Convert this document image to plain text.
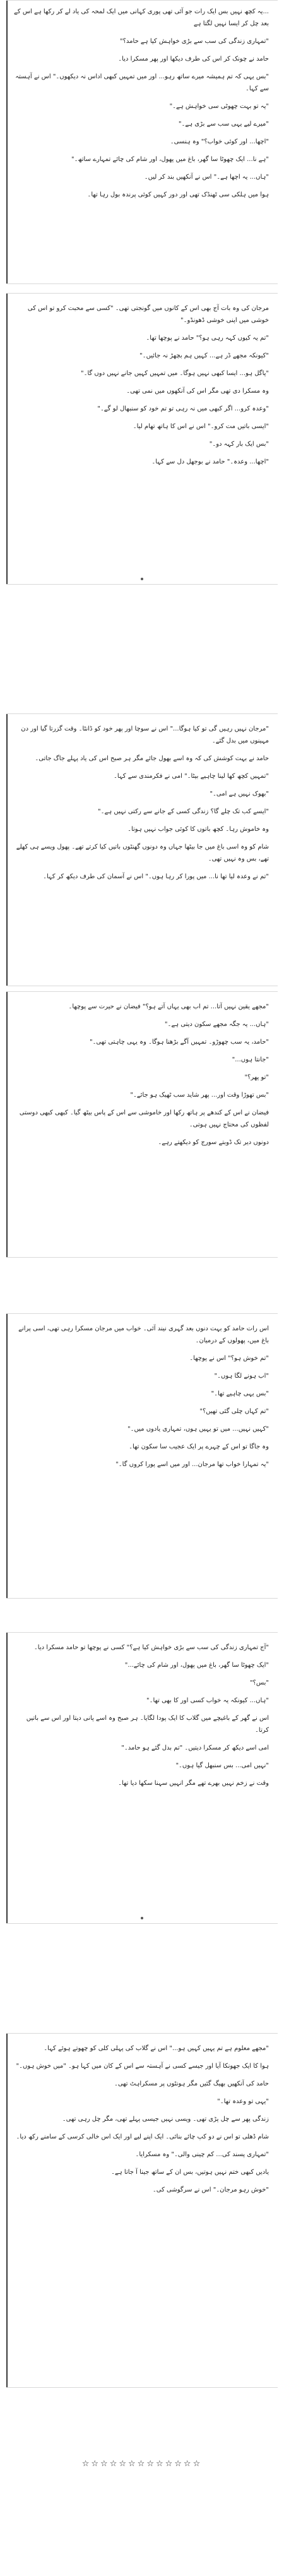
...یہ کچھ نہیں بس ایک رات جو آئی تھی پوری کہانی میں ایک لمحہ کی یاد لے کر رکھا ہے اس کے بعد چل کر ایسا نہیں لگتا ہے

"تمہاری زندگی کی سب سے بڑی خواہش کیا ہے حامد؟"

حامد نے چونک کر اس کی طرف دیکھا اور پھر مسکرا دیا۔

"بس یہی کہ تم ہمیشہ میرے ساتھ رہو... اور میں تمہیں کبھی اداس نہ دیکھوں۔" اس نے آہستہ سے کہا۔

"یہ تو بہت چھوٹی سی خواہش ہے۔"

"میرے لیے یہی سب سے بڑی ہے۔"

"اچھا... اور کوئی خواب؟" وہ ہنسی۔

"ہے نا... ایک چھوٹا سا گھر، باغ میں پھول، اور شام کی چائے تمہارے ساتھ۔"

"ہاں... یہ اچھا ہے۔" اس نے آنکھیں بند کر لیں۔

ہوا میں ہلکی سی ٹھنڈک تھی اور دور کہیں کوئی پرندہ بول رہا تھا۔

مرجان کی وہ بات آج بھی اس کے کانوں میں گونجتی تھی۔ "کسی سے محبت کرو تو اس کی خوشی میں اپنی خوشی ڈھونڈو۔"

"تم یہ کیوں کہہ رہی ہو؟" حامد نے پوچھا تھا۔

"کیونکہ مجھے ڈر ہے... کہیں ہم بچھڑ نہ جائیں۔"

"پاگل ہو... ایسا کبھی نہیں ہوگا۔ میں تمہیں کہیں جانے نہیں دوں گا۔"

وہ مسکرا دی تھی مگر اس کی آنکھوں میں نمی تھی۔

"وعدہ کرو... اگر کبھی میں نہ رہی تو تم خود کو سنبھال لو گے۔"

"ایسی باتیں مت کرو۔" اس نے اس کا ہاتھ تھام لیا۔

"بس ایک بار کہہ دو۔"

"اچھا... وعدہ۔" حامد نے بوجھل دل سے کہا۔

"مرجان نہیں رہیں گی تو کیا ہوگا..." اس نے سوچا اور پھر خود کو ڈانٹا۔ وقت گزرتا گیا اور دن مہینوں میں بدل گئے۔

حامد نے بہت کوشش کی کہ وہ اسے بھول جائے مگر ہر صبح اس کی یاد پہلے جاگ جاتی۔

"تمہیں کچھ کھا لینا چاہیے بیٹا۔" امی نے فکرمندی سے کہا۔

"بھوک نہیں ہے امی۔"

"ایسے کب تک چلے گا؟ زندگی کسی کے جانے سے رکتی نہیں ہے۔"

وہ خاموش رہا۔ کچھ باتوں کا کوئی جواب نہیں ہوتا۔

شام کو وہ اسی باغ میں جا بیٹھا جہاں وہ دونوں گھنٹوں باتیں کیا کرتے تھے۔ پھول ویسے ہی کھلے تھے، بس وہ نہیں تھی۔

"تم نے وعدہ لیا تھا نا... میں پورا کر رہا ہوں۔" اس نے آسمان کی طرف دیکھ کر کہا۔

"مجھے یقین نہیں آتا... تم اب بھی یہاں آتے ہو؟" فیضان نے حیرت سے پوچھا۔

"ہاں... یہ جگہ مجھے سکون دیتی ہے۔"

"حامد، یہ سب چھوڑو۔ تمہیں آگے بڑھنا ہوگا۔ وہ یہی چاہتی تھی۔"

"جانتا ہوں..."

"تو پھر؟"

"بس تھوڑا وقت اور... پھر شاید سب ٹھیک ہو جائے۔"

فیضان نے اس کے کندھے پر ہاتھ رکھا اور خاموشی سے اس کے پاس بیٹھ گیا۔ کبھی کبھی دوستی لفظوں کی محتاج نہیں ہوتی۔

دونوں دیر تک ڈوبتے سورج کو دیکھتے رہے۔

اس رات حامد کو بہت دنوں بعد گہری نیند آئی۔ خواب میں مرجان مسکرا رہی تھی، اسی پرانے باغ میں، پھولوں کے درمیان۔

"تم خوش ہو؟" اس نے پوچھا۔

"اب ہونے لگا ہوں۔"

"بس یہی چاہیے تھا۔"

"تم کہاں چلی گئی تھیں؟"

"کہیں نہیں... میں تو یہیں ہوں، تمہاری یادوں میں۔"

وہ جاگا تو اس کے چہرے پر ایک عجیب سا سکون تھا۔

"یہ تمہارا خواب تھا مرجان... اور میں اسے پورا کروں گا۔"

"آج تمہاری زندگی کی سب سے بڑی خواہش کیا ہے؟" کسی نے پوچھا تو حامد مسکرا دیا۔

"ایک چھوٹا سا گھر، باغ میں پھول، اور شام کی چائے..."

"بس؟"

"ہاں... کیونکہ یہ خواب کسی اور کا بھی تھا۔"

اس نے گھر کے باغیچے میں گلاب کا ایک پودا لگایا۔ ہر صبح وہ اسے پانی دیتا اور اس سے باتیں کرتا۔

امی اسے دیکھ کر مسکرا دیتیں۔ "تم بدل گئے ہو حامد۔"

"نہیں امی... بس سنبھل گیا ہوں۔"

وقت نے زخم نہیں بھرے تھے مگر انہیں سہنا سکھا دیا تھا۔

"مجھے معلوم ہے تم یہیں کہیں ہو..." اس نے گلاب کی پہلی کلی کو چھوتے ہوئے کہا۔

ہوا کا ایک جھونکا آیا اور جیسے کسی نے آہستہ سے اس کے کان میں کہا ہو۔ "میں خوش ہوں۔"

حامد کی آنکھیں بھیگ گئیں مگر ہونٹوں پر مسکراہٹ تھی۔

"یہی تو وعدہ تھا۔"

زندگی پھر سے چل پڑی تھی۔ ویسی نہیں جیسی پہلے تھی، مگر چل رہی تھی۔

شام ڈھلی تو اس نے دو کپ چائے بنائی۔ ایک اپنے لیے اور ایک اس خالی کرسی کے سامنے رکھ دیا۔

"تمہاری پسند کی... کم چینی والی۔" وہ مسکرایا۔

یادیں کبھی ختم نہیں ہوتیں، بس ان کے ساتھ جینا آ جاتا ہے۔

"خوش رہو مرجان۔" اس نے سرگوشی کی۔

☆☆☆☆☆☆☆☆☆☆☆☆☆
